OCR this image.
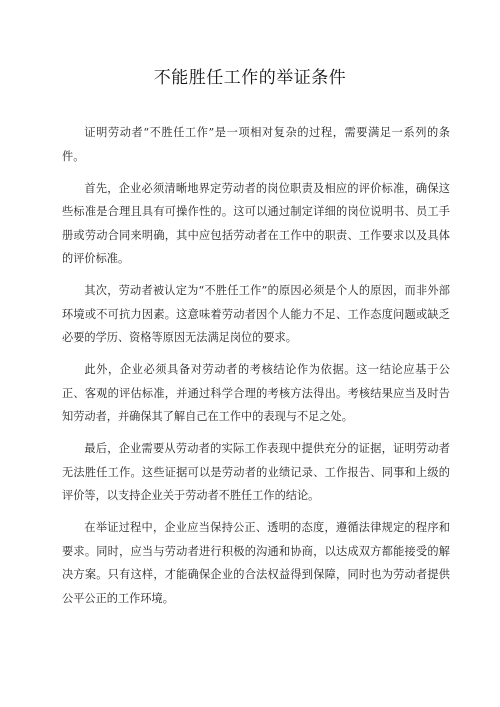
不能胜任工作的举证条件

证明劳动者“不胜任工作”是一项相对复杂的过程，需要满足一系列的条件。

首先，企业必须清晰地界定劳动者的岗位职责及相应的评价标准，确保这些标准是合理且具有可操作性的。这可以通过制定详细的岗位说明书、员工手册或劳动合同来明确，其中应包括劳动者在工作中的职责、工作要求以及具体的评价标准。

其次，劳动者被认定为“不胜任工作”的原因必须是个人的原因，而非外部环境或不可抗力因素。这意味着劳动者因个人能力不足、工作态度问题或缺乏必要的学历、资格等原因无法满足岗位的要求。

此外，企业必须具备对劳动者的考核结论作为依据。这一结论应基于公正、客观的评估标准，并通过科学合理的考核方法得出。考核结果应当及时告知劳动者，并确保其了解自己在工作中的表现与不足之处。

最后，企业需要从劳动者的实际工作表现中提供充分的证据，证明劳动者无法胜任工作。这些证据可以是劳动者的业绩记录、工作报告、同事和上级的评价等，以支持企业关于劳动者不胜任工作的结论。

在举证过程中，企业应当保持公正、透明的态度，遵循法律规定的程序和要求。同时，应当与劳动者进行积极的沟通和协商，以达成双方都能接受的解决方案。只有这样，才能确保企业的合法权益得到保障，同时也为劳动者提供公平公正的工作环境。
